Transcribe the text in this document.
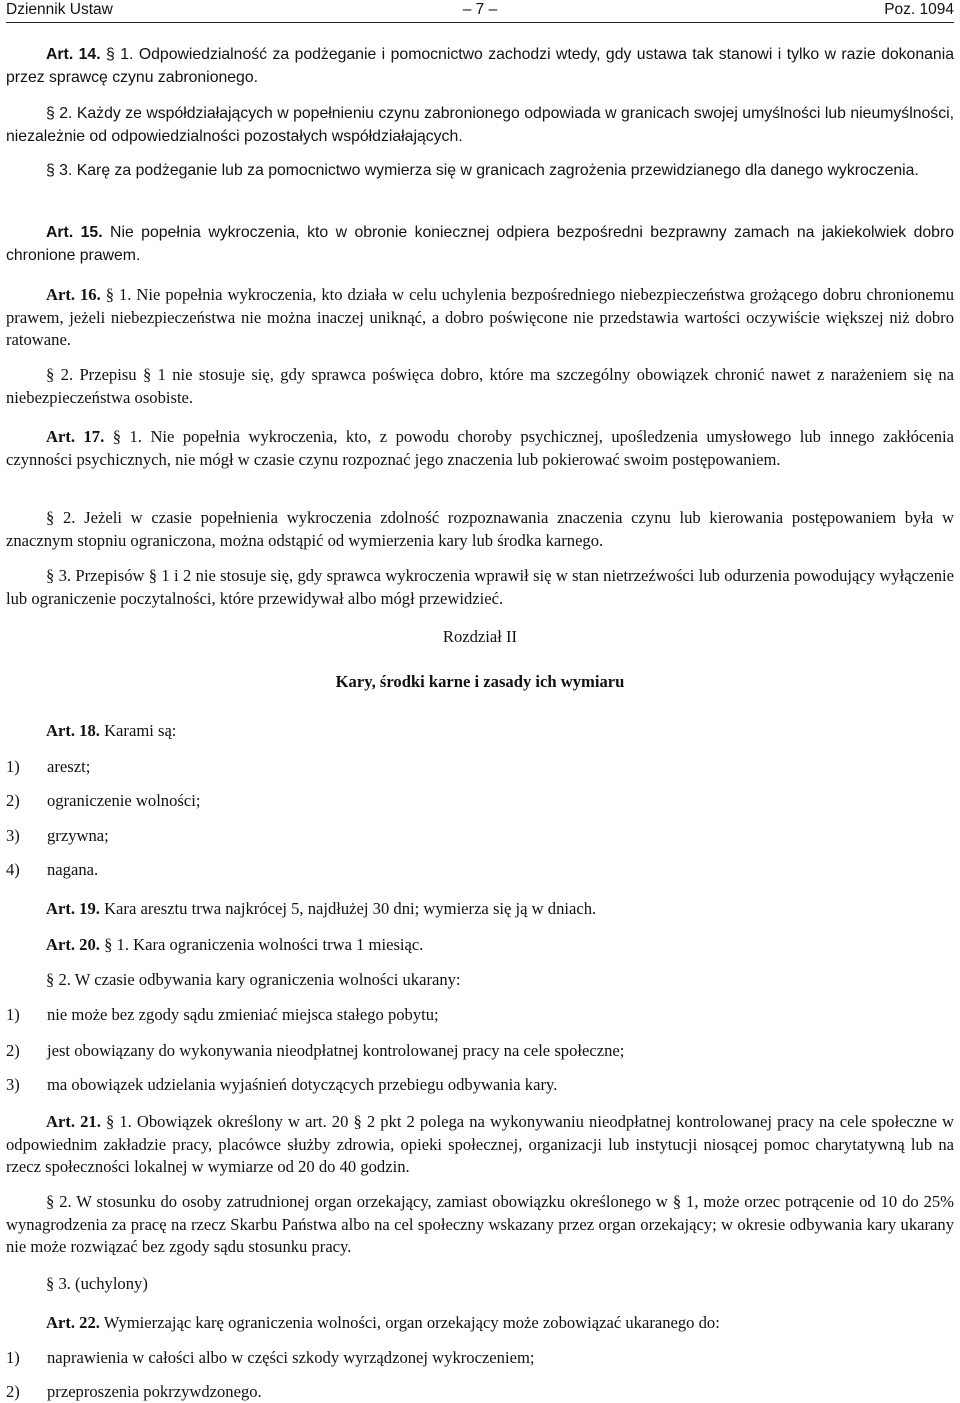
Dziennik Ustaw	– 7 –	Poz. 1094
Art. 14. § 1. Odpowiedzialność za podżeganie i pomocnictwo zachodzi wtedy, gdy ustawa tak stanowi i tylko w razie dokonania przez sprawcę czynu zabronionego.
§ 2. Każdy ze współdziałających w popełnieniu czynu zabronionego odpowiada w granicach swojej umyślności lub nieumyślności, niezależnie od odpowiedzialności pozostałych współdziałających.
§ 3. Karę za podżeganie lub za pomocnictwo wymierza się w granicach zagrożenia przewidzianego dla danego wykroczenia.
Art. 15. Nie popełnia wykroczenia, kto w obronie koniecznej odpiera bezpośredni bezprawny zamach na jakiekolwiek dobro chronione prawem.
Art. 16. § 1. Nie popełnia wykroczenia, kto działa w celu uchylenia bezpośredniego niebezpieczeństwa grożącego dobru chronionemu prawem, jeżeli niebezpieczeństwa nie można inaczej uniknąć, a dobro poświęcone nie przedstawia wartości oczywiście większej niż dobro ratowane.
§ 2. Przepisu § 1 nie stosuje się, gdy sprawca poświęca dobro, które ma szczególny obowiązek chronić nawet z narażeniem się na niebezpieczeństwa osobiste.
Art. 17. § 1. Nie popełnia wykroczenia, kto, z powodu choroby psychicznej, upośledzenia umysłowego lub innego zakłócenia czynności psychicznych, nie mógł w czasie czynu rozpoznać jego znaczenia lub pokierować swoim postępowaniem.
§ 2. Jeżeli w czasie popełnienia wykroczenia zdolność rozpoznawania znaczenia czynu lub kierowania postępowaniem była w znacznym stopniu ograniczona, można odstąpić od wymierzenia kary lub środka karnego.
§ 3. Przepisów § 1 i 2 nie stosuje się, gdy sprawca wykroczenia wprawił się w stan nietrzeźwości lub odurzenia powodujący wyłączenie lub ograniczenie poczytalności, które przewidywał albo mógł przewidzieć.
Rozdział II
Kary, środki karne i zasady ich wymiaru
Art. 18. Karami są:
1) areszt;
2) ograniczenie wolności;
3) grzywna;
4) nagana.
Art. 19. Kara aresztu trwa najkrócej 5, najdłużej 30 dni; wymierza się ją w dniach.
Art. 20. § 1. Kara ograniczenia wolności trwa 1 miesiąc.
§ 2. W czasie odbywania kary ograniczenia wolności ukarany:
1) nie może bez zgody sądu zmieniać miejsca stałego pobytu;
2) jest obowiązany do wykonywania nieodpłatnej kontrolowanej pracy na cele społeczne;
3) ma obowiązek udzielania wyjaśnień dotyczących przebiegu odbywania kary.
Art. 21. § 1. Obowiązek określony w art. 20 § 2 pkt 2 polega na wykonywaniu nieodpłatnej kontrolowanej pracy na cele społeczne w odpowiednim zakładzie pracy, placówce służby zdrowia, opieki społecznej, organizacji lub instytucji niosącej pomoc charytatywną lub na rzecz społeczności lokalnej w wymiarze od 20 do 40 godzin.
§ 2. W stosunku do osoby zatrudnionej organ orzekający, zamiast obowiązku określonego w § 1, może orzec potrącenie od 10 do 25% wynagrodzenia za pracę na rzecz Skarbu Państwa albo na cel społeczny wskazany przez organ orzekający; w okresie odbywania kary ukarany nie może rozwiązać bez zgody sądu stosunku pracy.
§ 3. (uchylony)
Art. 22. Wymierzając karę ograniczenia wolności, organ orzekający może zobowiązać ukaranego do:
1) naprawienia w całości albo w części szkody wyrządzonej wykroczeniem;
2) przeproszenia pokrzywdzonego.
